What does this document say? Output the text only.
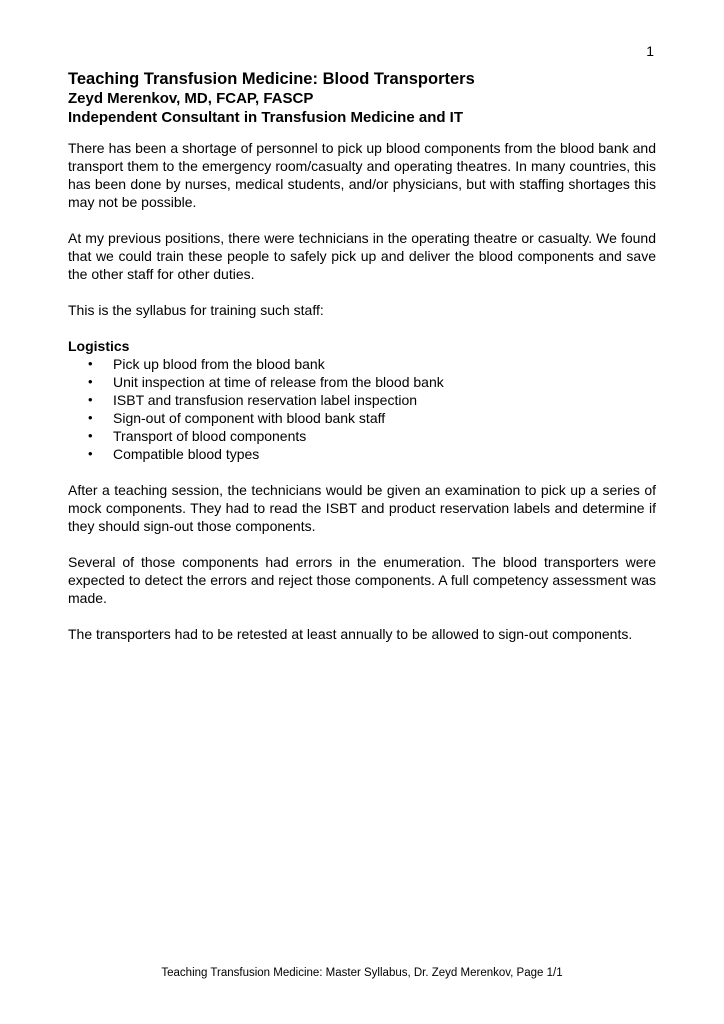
1
Teaching Transfusion Medicine: Blood Transporters
Zeyd Merenkov, MD, FCAP, FASCP
Independent Consultant in Transfusion Medicine and IT

There has been a shortage of personnel to pick up blood components from the blood bank and transport them to the emergency room/casualty and operating theatres. In many countries, this has been done by nurses, medical students, and/or physicians, but with staffing shortages this may not be possible.

At my previous positions, there were technicians in the operating theatre or casualty. We found that we could train these people to safely pick up and deliver the blood components and save the other staff for other duties.

This is the syllabus for training such staff:

Logistics
• Pick up blood from the blood bank
• Unit inspection at time of release from the blood bank
• ISBT and transfusion reservation label inspection
• Sign-out of component with blood bank staff
• Transport of blood components
• Compatible blood types

After a teaching session, the technicians would be given an examination to pick up a series of mock components. They had to read the ISBT and product reservation labels and determine if they should sign-out those components.

Several of those components had errors in the enumeration. The blood transporters were expected to detect the errors and reject those components. A full competency assessment was made.

The transporters had to be retested at least annually to be allowed to sign-out components.

Teaching Transfusion Medicine: Master Syllabus, Dr. Zeyd Merenkov, Page 1/1
